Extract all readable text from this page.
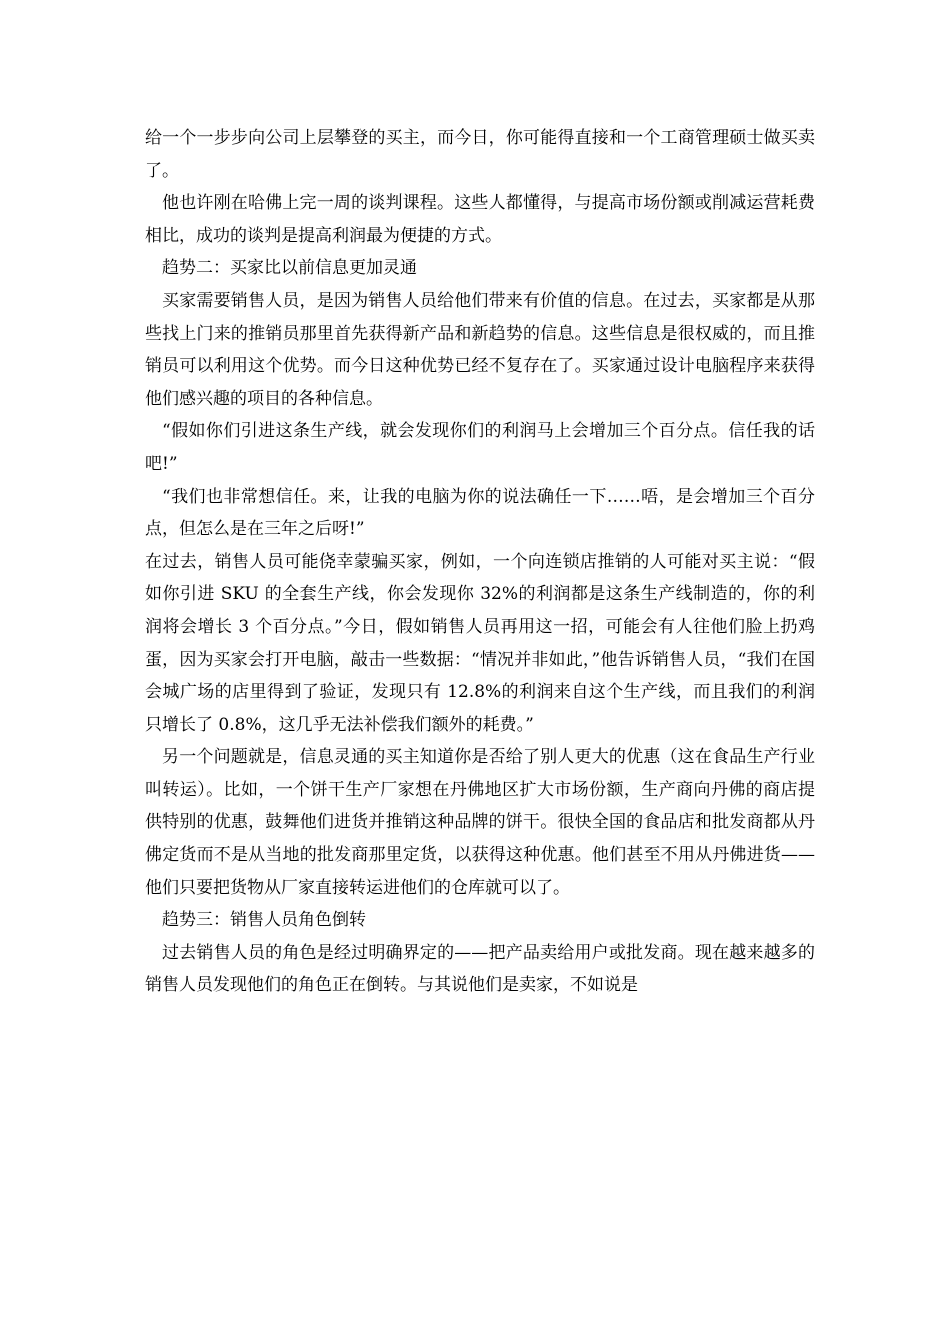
给一个一步步向公司上层攀登的买主，而今日，你可能得直接和一个工商管理硕士做买卖了。

他也许刚在哈佛上完一周的谈判课程。这些人都懂得，与提高市场份额或削减运营耗费相比，成功的谈判是提高利润最为便捷的方式。

趋势二：买家比以前信息更加灵通

买家需要销售人员，是因为销售人员给他们带来有价值的信息。在过去，买家都是从那些找上门来的推销员那里首先获得新产品和新趋势的信息。这些信息是很权威的，而且推销员可以利用这个优势。而今日这种优势已经不复存在了。买家通过设计电脑程序来获得他们感兴趣的项目的各种信息。

“假如你们引进这条生产线，就会发现你们的利润马上会增加三个百分点。信任我的话吧!”

“我们也非常想信任。来，让我的电脑为你的说法确任一下……唔，是会增加三个百分点，但怎么是在三年之后呀!”

在过去，销售人员可能侥幸蒙骗买家，例如，一个向连锁店推销的人可能对买主说：“假如你引进 SKU 的全套生产线，你会发现你 32%的利润都是这条生产线制造的，你的利润将会增长 3 个百分点。”今日，假如销售人员再用这一招，可能会有人往他们脸上扔鸡蛋，因为买家会打开电脑，敲击一些数据：“情况并非如此，”他告诉销售人员，“我们在国会城广场的店里得到了验证，发现只有 12.8%的利润来自这个生产线，而且我们的利润只增长了 0.8%，这几乎无法补偿我们额外的耗费。”

另一个问题就是，信息灵通的买主知道你是否给了别人更大的优惠（这在食品生产行业叫转运）。比如，一个饼干生产厂家想在丹佛地区扩大市场份额，生产商向丹佛的商店提供特别的优惠，鼓舞他们进货并推销这种品牌的饼干。很快全国的食品店和批发商都从丹佛定货而不是从当地的批发商那里定货，以获得这种优惠。他们甚至不用从丹佛进货——他们只要把货物从厂家直接转运进他们的仓库就可以了。

趋势三：销售人员角色倒转

过去销售人员的角色是经过明确界定的——把产品卖给用户或批发商。现在越来越多的销售人员发现他们的角色正在倒转。与其说他们是卖家，不如说是
